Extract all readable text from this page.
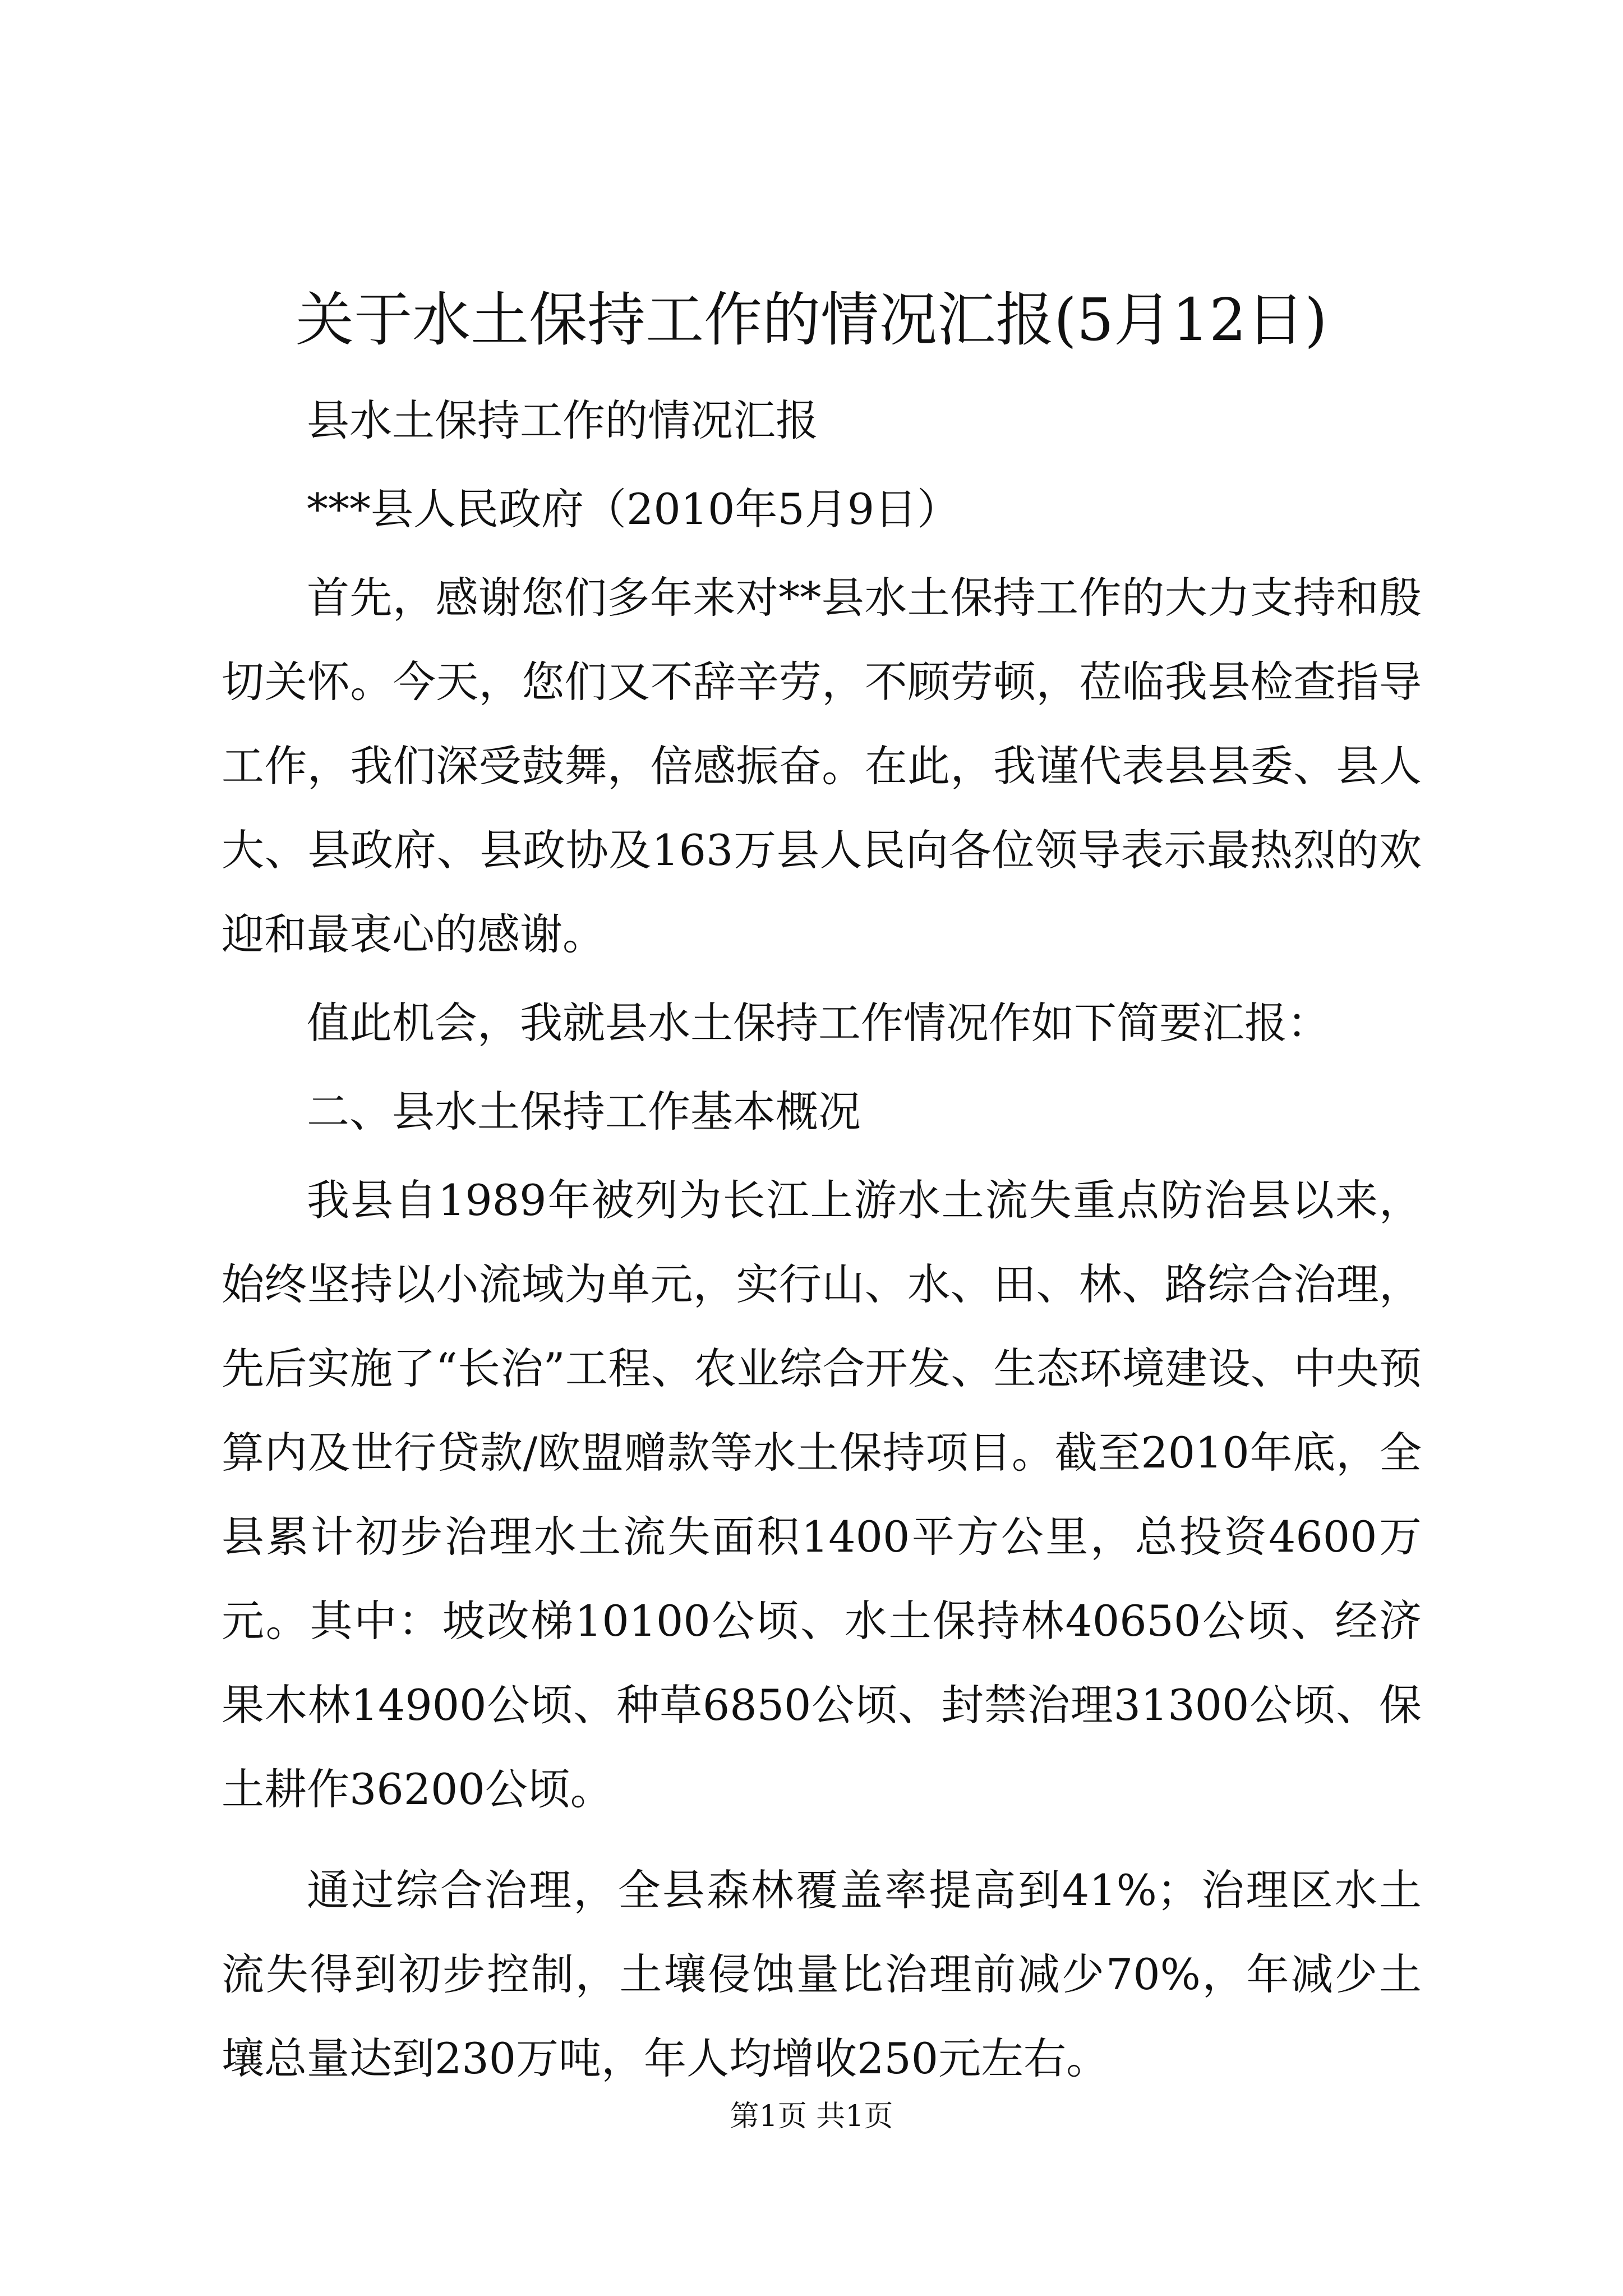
关于水土保持工作的情况汇报(5月12日)

县水土保持工作的情况汇报

***县人民政府（2010年5月9日）

首先，感谢您们多年来对**县水土保持工作的大力支持和殷切关怀。今天，您们又不辞辛劳，不顾劳顿，莅临我县检查指导工作，我们深受鼓舞，倍感振奋。在此，我谨代表县县委、县人大、县政府、县政协及163万县人民向各位领导表示最热烈的欢迎和最衷心的感谢。

值此机会，我就县水土保持工作情况作如下简要汇报：

二、县水土保持工作基本概况

我县自1989年被列为长江上游水土流失重点防治县以来，始终坚持以小流域为单元，实行山、水、田、林、路综合治理，先后实施了“长治”工程、农业综合开发、生态环境建设、中央预算内及世行贷款/欧盟赠款等水土保持项目。截至2010年底，全县累计初步治理水土流失面积1400平方公里，总投资4600万元。其中：坡改梯10100公顷、水土保持林40650公顷、经济果木林14900公顷、种草6850公顷、封禁治理31300公顷、保土耕作36200公顷。

通过综合治理，全县森林覆盖率提高到41%；治理区水土流失得到初步控制，土壤侵蚀量比治理前减少70%，年减少土壤总量达到230万吨，年人均增收250元左右。

第1页 共1页
